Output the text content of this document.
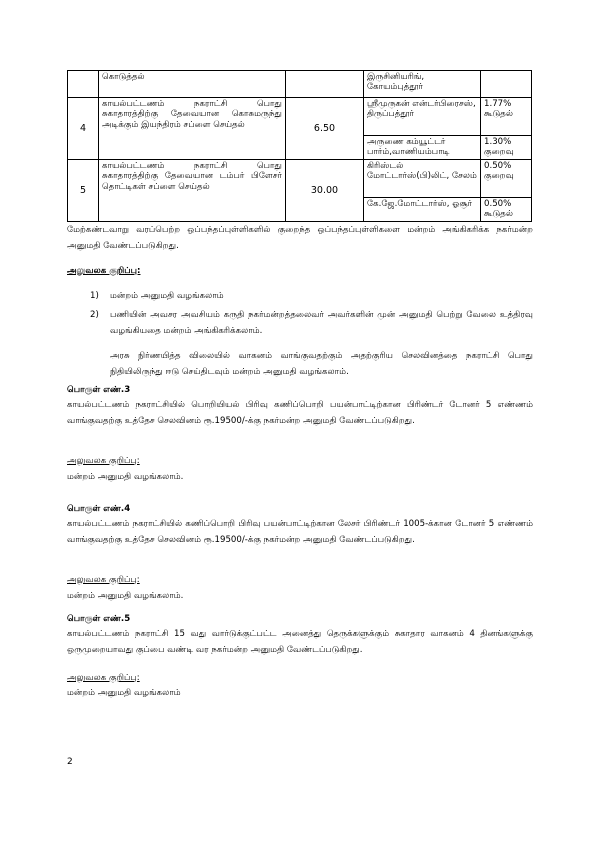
	கொடுத்தல்		இருசினியரிங், கோயம்புத்தூர்	
4	காயல்பட்டணம் நகராட்சி பொது சுகாதாரத்திற்கு தேவையான கொசுமருந்து அடிக்கும் இயந்திரம் சப்ளை செய்தல்	6.50	ஸ்ரீமுருகன் என்டர்பிரைசஸ், திருப்பத்தூர்	1.77% கூடுதல்
			அருணை கம்யூட்டர் பார்ம்,வாணியம்பாடி	1.30% குறைவு
5	காயல்பட்டணம் நகராட்சி பொது சுகாதாரத்திற்கு தேவையான டம்பர் பிளேசர் தொட்டிகள் சப்ளை செய்தல்	30.00	கிரிஸ்டல் மோட்டார்ஸ்(பி)லிட், சேலம்	0.50% குறைவு
			கே.ஜே.மோட்டார்ஸ், ஓசூர்	0.50% கூடுதல்

மேற்கண்டவாறு வரப்பெற்ற ஒப்பந்தப்புள்ளிகளில் குறைந்த ஒப்பந்தப்புள்ளிகளை மன்றம் அங்கிகரிக்க நகர்மன்ற அனுமதி வேண்டப்படுகிறது.

அலுவலக குறிப்பு:

1) மன்றம் அனுமதி வழங்கலாம்

2) பணியின் அவசர அவசியம் கருதி நகர்மன்றத்தலைவர் அவர்களின் முன் அனுமதி பெற்று வேலை உத்திரவு வழங்கியதை மன்றம் அங்கிகரிக்கலாம்.

அரசு நிர்ணயித்த விலையில் வாகனம் வாங்குவதற்கும் அதற்குரிய செலவினத்தை நகராட்சி பொது நிதியிலிருந்து ஈடு செய்திடவும் மன்றம் அனுமதி வழங்கலாம்.

பொருள் எண்.3

காயல்பட்டணம் நகராட்சியில் பொறியியல் பிரிவு கணிப்பொறி பயன்பாட்டிற்கான பிரிண்டர் டோனர் 5 எண்ணம் வாங்குவதற்கு உத்தேச செலவினம் ரூ.19500/-க்கு நகர்மன்ற அனுமதி வேண்டப்படுகிறது.

அலுவலக குறிப்பு:

மன்றம் அனுமதி வழங்கலாம்.

பொருள் எண்.4

காயல்பட்டணம் நகராட்சியில் கணிப்பொறி பிரிவு பயன்பாட்டிற்கான லேசர் பிரிண்டர் 1005-க்கான டோனர் 5 எண்ணம் வாங்குவதற்கு உத்தேச செலவினம் ரூ.19500/-க்கு நகர்மன்ற அனுமதி வேண்டப்படுகிறது.

அலுவலக குறிப்பு:

மன்றம் அனுமதி வழங்கலாம்.

பொருள் எண்.5

காயல்பட்டணம் நகராட்சி 15 வது வார்டுக்குட்பட்ட அனைத்து தெருக்களுக்கும் சுகாதார வாகனம் 4 தினங்களுக்கு ஒருமுறையாவது குப்பை வண்டி வர நகர்மன்ற அனுமதி வேண்டப்படுகிறது.

அலுவலக குறிப்பு:

மன்றம் அனுமதி வழங்கலாம்

2
